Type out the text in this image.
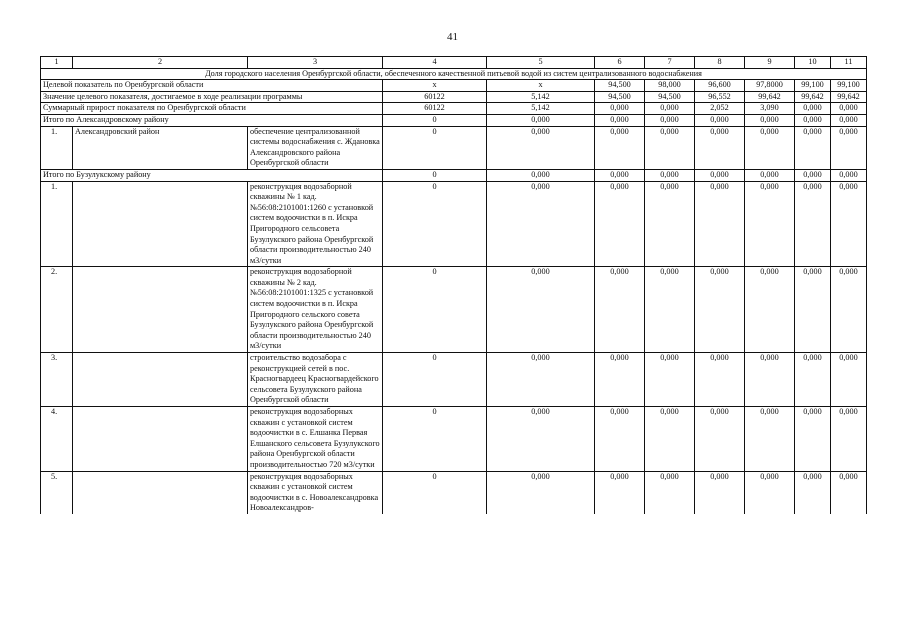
41
1	2	3	4	5	6	7	8	9	10	11
Доля городского населения Оренбургской области, обеспеченного качественной питьевой водой из систем централизованного водоснабжения										
Целевой показатель по Оренбургской области			x	x	94,500	98,000	96,600	97,8000	99,100	99,100
Значение целевого показателя, достигаемое в ходе реализации программы			60122	5,142	94,500	94,500	96,552	99,642	99,642	99,642
Суммарный прирост показателя по Оренбургской области			60122	5,142	0,000	0,000	2,052	3,090	0,000	0,000
Итого по Александровскому району			0	0,000	0,000	0,000	0,000	0,000	0,000	0,000
1.	Александровский район	обеспечение централизованной системы водоснабжения с. Ждановка Александровского района Оренбургской области	0	0,000	0,000	0,000	0,000	0,000	0,000	0,000
Итого по Бузулукскому району			0	0,000	0,000	0,000	0,000	0,000	0,000	0,000
1.		реконструкция водозаборной скважины № 1 кад.№56:08:2101001:1260 с установкой систем водоочистки в п. Искра Пригородного сельсовета Бузулукского района Оренбургской области производительностью 240 м3/сутки	0	0,000	0,000	0,000	0,000	0,000	0,000	0,000
2.		реконструкция водозаборной скважины № 2 кад.№56:08:2101001:1325 с установкой систем водоочистки в п. Искра Пригородного сельского совета Бузулукского района Оренбургской области производительностью 240 м3/сутки	0	0,000	0,000	0,000	0,000	0,000	0,000	0,000
3.		строительство водозабора с реконструкцией сетей в пос. Красногвардеец Красногвардейского сельсовета Бузулукского района Оренбургской области	0	0,000	0,000	0,000	0,000	0,000	0,000	0,000
4.		реконструкция водозаборных скважин с установкой систем водоочистки в с. Елшанка Первая Елшанского сельсовета Бузулукского района Оренбургской области производительностью 720 м3/сутки	0	0,000	0,000	0,000	0,000	0,000	0,000	0,000
5.		реконструкция водозаборных скважин с установкой систем водоочистки в с. Новоалександровка Новоалександров-	0	0,000	0,000	0,000	0,000	0,000	0,000	0,000
